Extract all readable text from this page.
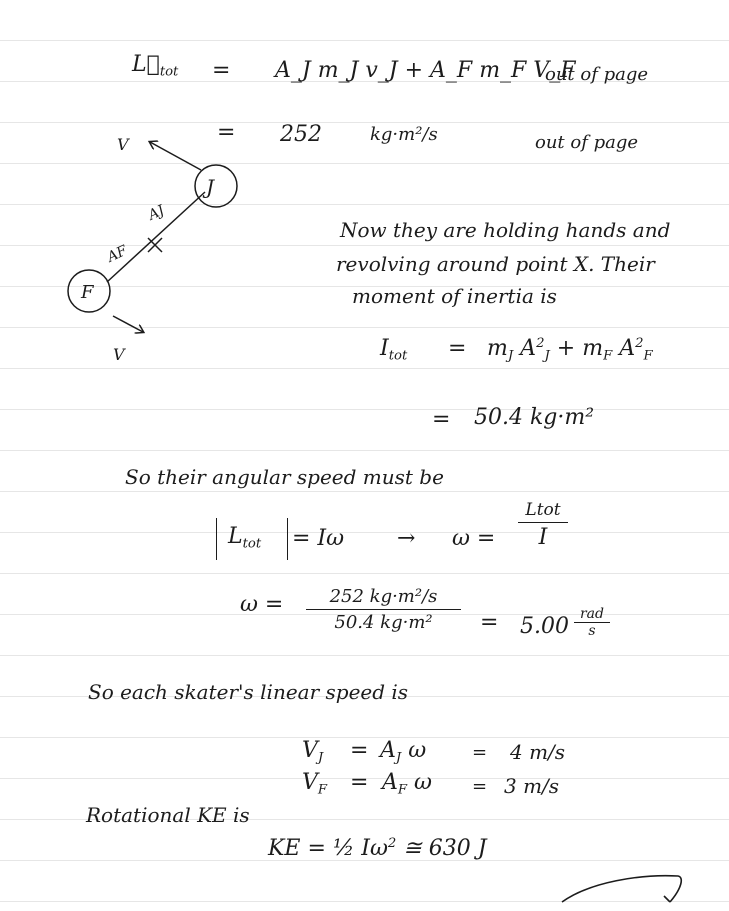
$L⃗_{tot}$ = A_J m_J v_J + A_F m_F V_F
out of page
= 252	kg·m²/s	out of page
J
F
AJ
AF
V
V
Now they are holding hands and
revolving around point X. Their
moment of inertia is
$I_{tot} = m_J$ $A^2_J + m_F$ $A^2_F$
= 50.4 kg·m²
So their angular speed must be
$L_{tot} = I\omega \to \omega$ =
Ltot
I
ω =	252 kg·m²/s
50.4 kg·m²	= 5.00 rad
s
So each skater's linear speed is
$V_J = A_J$ ω	= 4 m/s
$V_F = A_F$ ω = 3 m/s
Rotational KE is
KE = ½ $I\omega^2$ ≅ 630 J
